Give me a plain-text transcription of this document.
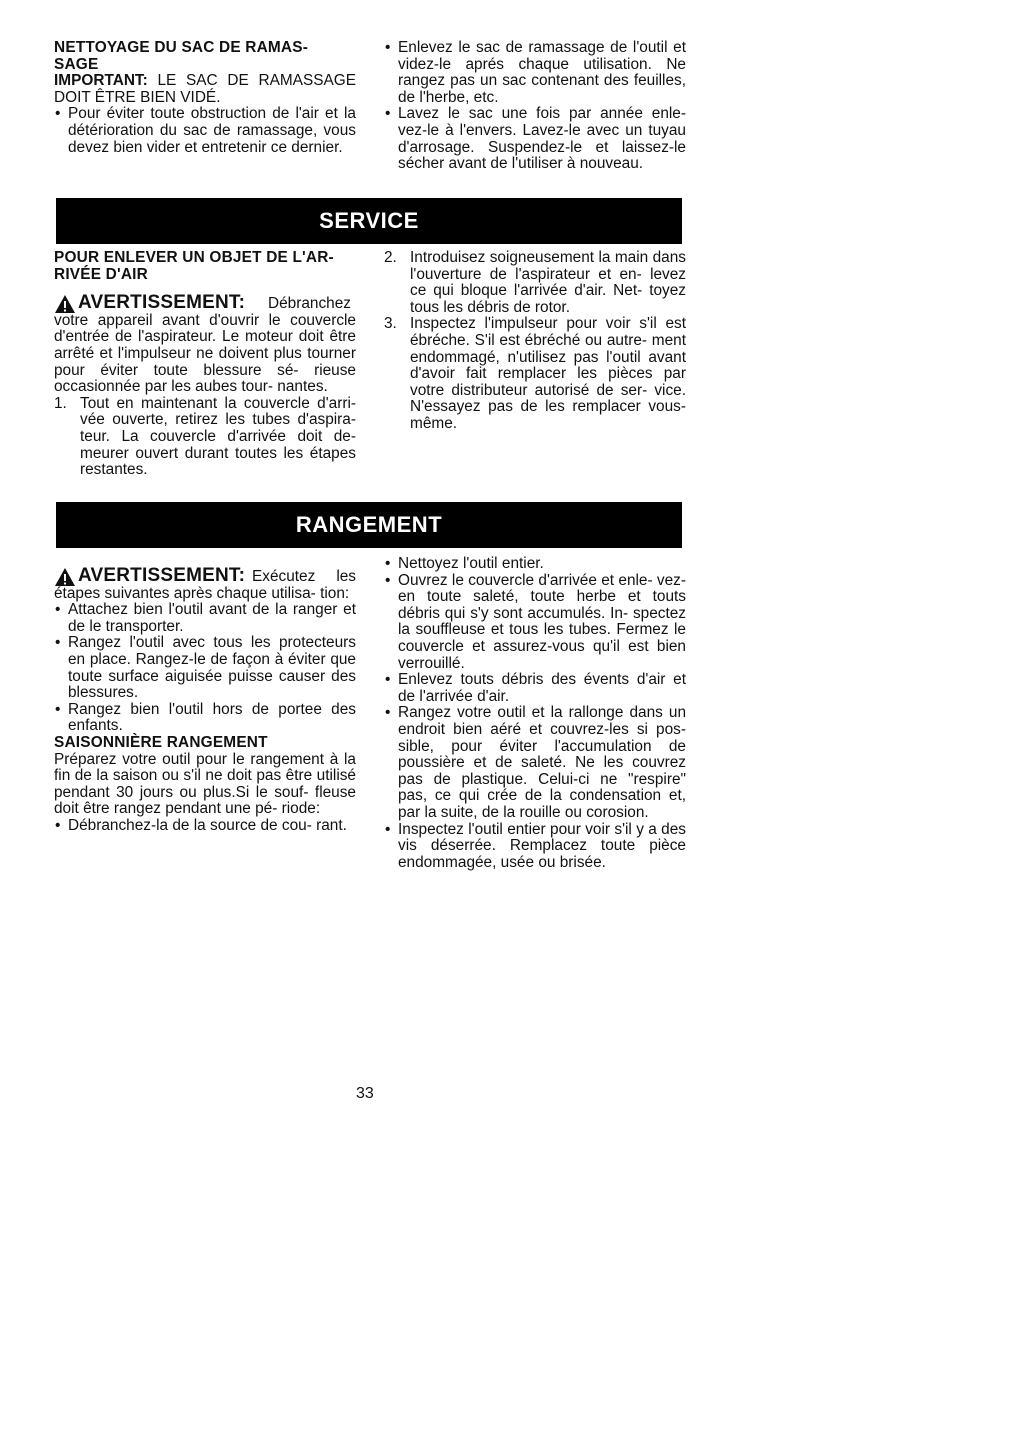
NETTOYAGE DU SAC DE RAMAS- SAGE

IMPORTANT: LE SAC DE RAMASSAGE DOIT ÊTRE BIEN VIDÉ.

• Pour éviter toute obstruction de l'air et la détérioration du sac de ramassage, vous devez bien vider et entretenir ce dernier.
• Enlevez le sac de ramassage de l'outil et videz-le aprés chaque utilisation. Ne rangez pas un sac contenant des feuilles, de l'herbe, etc.
• Lavez le sac une fois par année enle- vez-le à l'envers. Lavez-le avec un tuyau d'arrosage. Suspendez-le et laissez-le sécher avant de l'utiliser à nouveau.
SERVICE

POUR ENLEVER UN OBJET DE L'AR- RIVÉE D'AIR

AVERTISSEMENT:	Débranchez votre appareil avant d'ouvrir le couvercle d'entrée de l'aspirateur. Le moteur doit être arrêté et l'impulseur ne doivent plus tourner pour éviter toute blessure sé- rieuse occasionnée par les aubes tour- nantes.

1. Tout en maintenant la couvercle d'arri- vée ouverte, retirez les tubes d'aspira- teur. La couvercle d'arrivée doit de- meurer ouvert durant toutes les étapes restantes.
2. Introduisez soigneusement la main dans l'ouverture de l'aspirateur et en- levez ce qui bloque l'arrivée d'air. Net- toyez tous les débris de rotor.
3. Inspectez l'impulseur pour voir s'il est ébréche. S'il est ébréché ou autre- ment endommagé, n'utilisez pas l'outil avant d'avoir fait remplacer les pièces par votre distributeur autorisé de ser- vice. N'essayez pas de les remplacer vous-même.
RANGEMENT
AVERTISSEMENT: Exécutez les étapes suivantes après chaque utilisa- tion:

• Attachez bien l'outil avant de la ranger et de le transporter.
• Rangez l'outil avec tous les protecteurs en place. Rangez-le de façon à éviter que toute surface aiguisée puisse causer des blessures.
• Rangez bien l'outil hors de portee des enfants.

SAISONNIÈRE RANGEMENT

Préparez votre outil pour le rangement à la fin de la saison ou s'il ne doit pas être utilisé pendant 30 jours ou plus.Si le souf- fleuse doit être rangez pendant une pé- riode:

• Débranchez-la de la source de cou- rant.
• Nettoyez l'outil entier.
• Ouvrez le couvercle d'arrivée et enle- vez-en toute saleté, toute herbe et touts débris qui s'y sont accumulés. In- spectez la souffleuse et tous les tubes. Fermez le couvercle et assurez-vous qu'il est bien verrouillé.
• Enlevez touts débris des évents d'air et de l'arrivée d'air.
• Rangez votre outil et la rallonge dans un endroit bien aéré et couvrez-les si pos- sible, pour éviter l'accumulation de poussière et de saleté. Ne les couvrez pas de plastique. Celui-ci ne "respire" pas, ce qui crée de la condensation et, par la suite, de la rouille ou corosion.
• Inspectez l'outil entier pour voir s'il y a des vis déserrée. Remplacez toute pièce endommagée, usée ou brisée.
33
